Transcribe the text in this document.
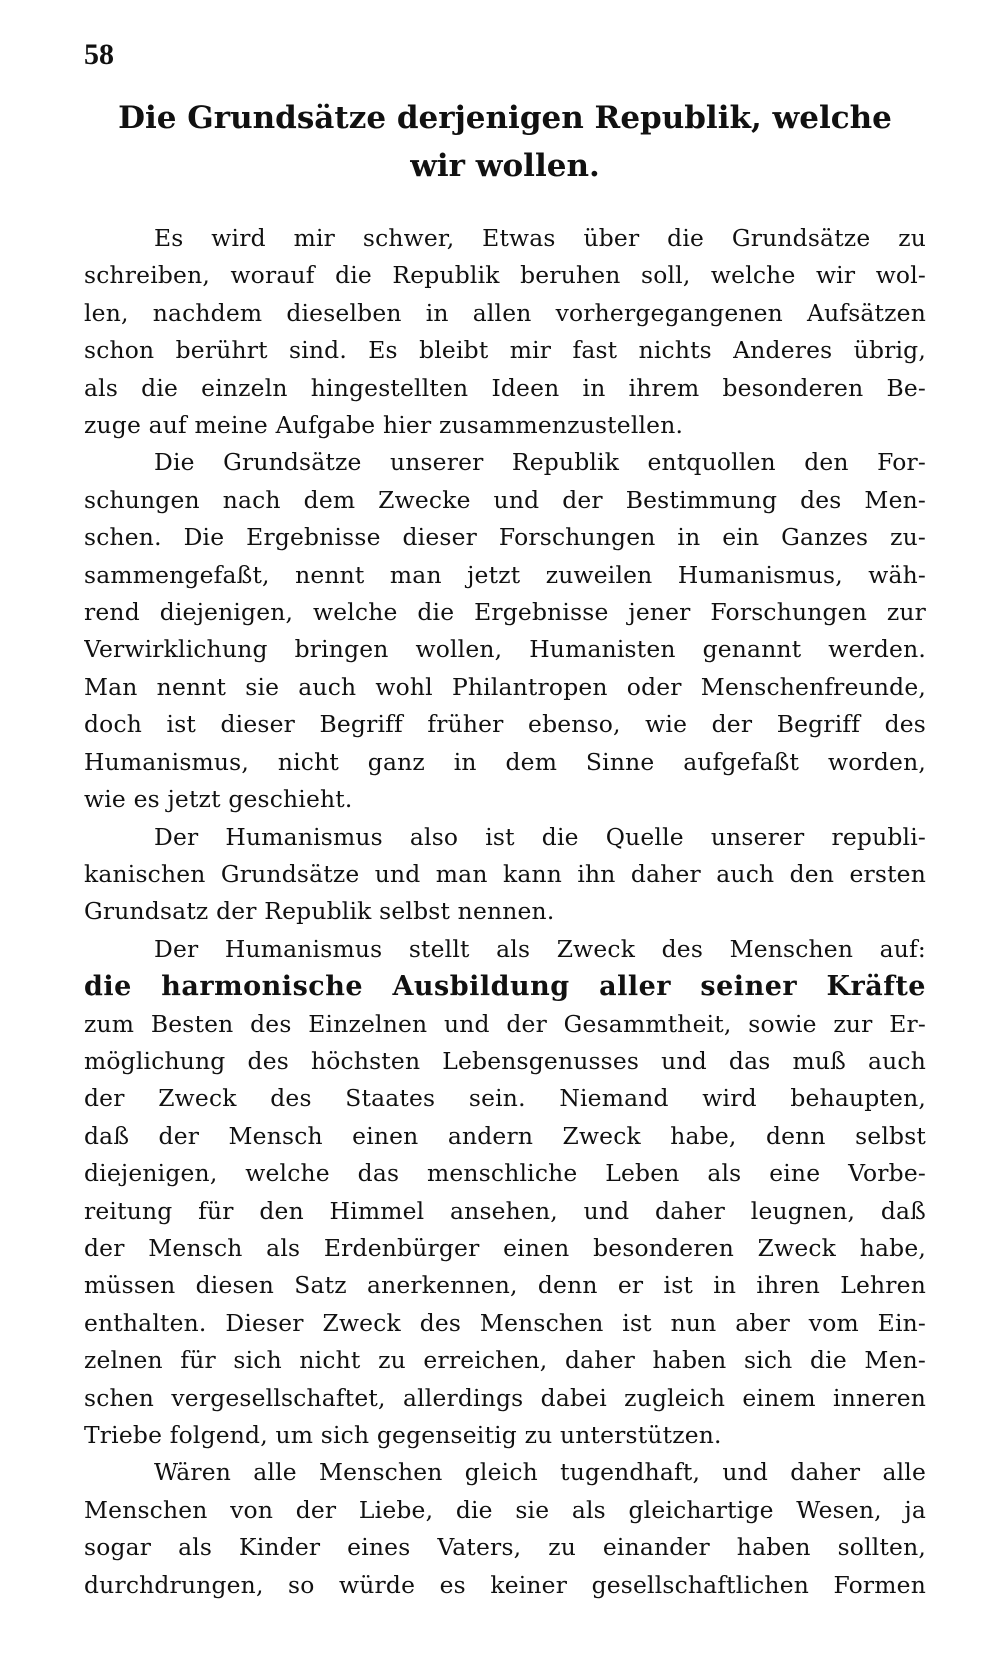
58
Die Grundsätze derjenigen Republik, welche
wir wollen.
Es wird mir schwer, Etwas über die Grundsätze zu
schreiben, worauf die Republik beruhen soll, welche wir wol-
len, nachdem dieselben in allen vorhergegangenen Aufsätzen
schon berührt sind. Es bleibt mir fast nichts Anderes übrig,
als die einzeln hingestellten Ideen in ihrem besonderen Be-
zuge auf meine Aufgabe hier zusammenzustellen.
Die Grundsätze unserer Republik entquollen den For-
schungen nach dem Zwecke und der Bestimmung des Men-
schen. Die Ergebnisse dieser Forschungen in ein Ganzes zu-
sammengefaßt, nennt man jetzt zuweilen Humanismus, wäh-
rend diejenigen, welche die Ergebnisse jener Forschungen zur
Verwirklichung bringen wollen, Humanisten genannt werden.
Man nennt sie auch wohl Philantropen oder Menschenfreunde,
doch ist dieser Begriff früher ebenso, wie der Begriff des
Humanismus, nicht ganz in dem Sinne aufgefaßt worden,
wie es jetzt geschieht.
Der Humanismus also ist die Quelle unserer republi-
kanischen Grundsätze und man kann ihn daher auch den ersten
Grundsatz der Republik selbst nennen.
Der Humanismus stellt als Zweck des Menschen auf:
die harmonische Ausbildung aller seiner Kräfte
zum Besten des Einzelnen und der Gesammtheit, sowie zur Er-
möglichung des höchsten Lebensgenusses und das muß auch
der Zweck des Staates sein. Niemand wird behaupten,
daß der Mensch einen andern Zweck habe, denn selbst
diejenigen, welche das menschliche Leben als eine Vorbe-
reitung für den Himmel ansehen, und daher leugnen, daß
der Mensch als Erdenbürger einen besonderen Zweck habe,
müssen diesen Satz anerkennen, denn er ist in ihren Lehren
enthalten. Dieser Zweck des Menschen ist nun aber vom Ein-
zelnen für sich nicht zu erreichen, daher haben sich die Men-
schen vergesellschaftet, allerdings dabei zugleich einem inneren
Triebe folgend, um sich gegenseitig zu unterstützen.
Wären alle Menschen gleich tugendhaft, und daher alle
Menschen von der Liebe, die sie als gleichartige Wesen, ja
sogar als Kinder eines Vaters, zu einander haben sollten,
durchdrungen, so würde es keiner gesellschaftlichen Formen
